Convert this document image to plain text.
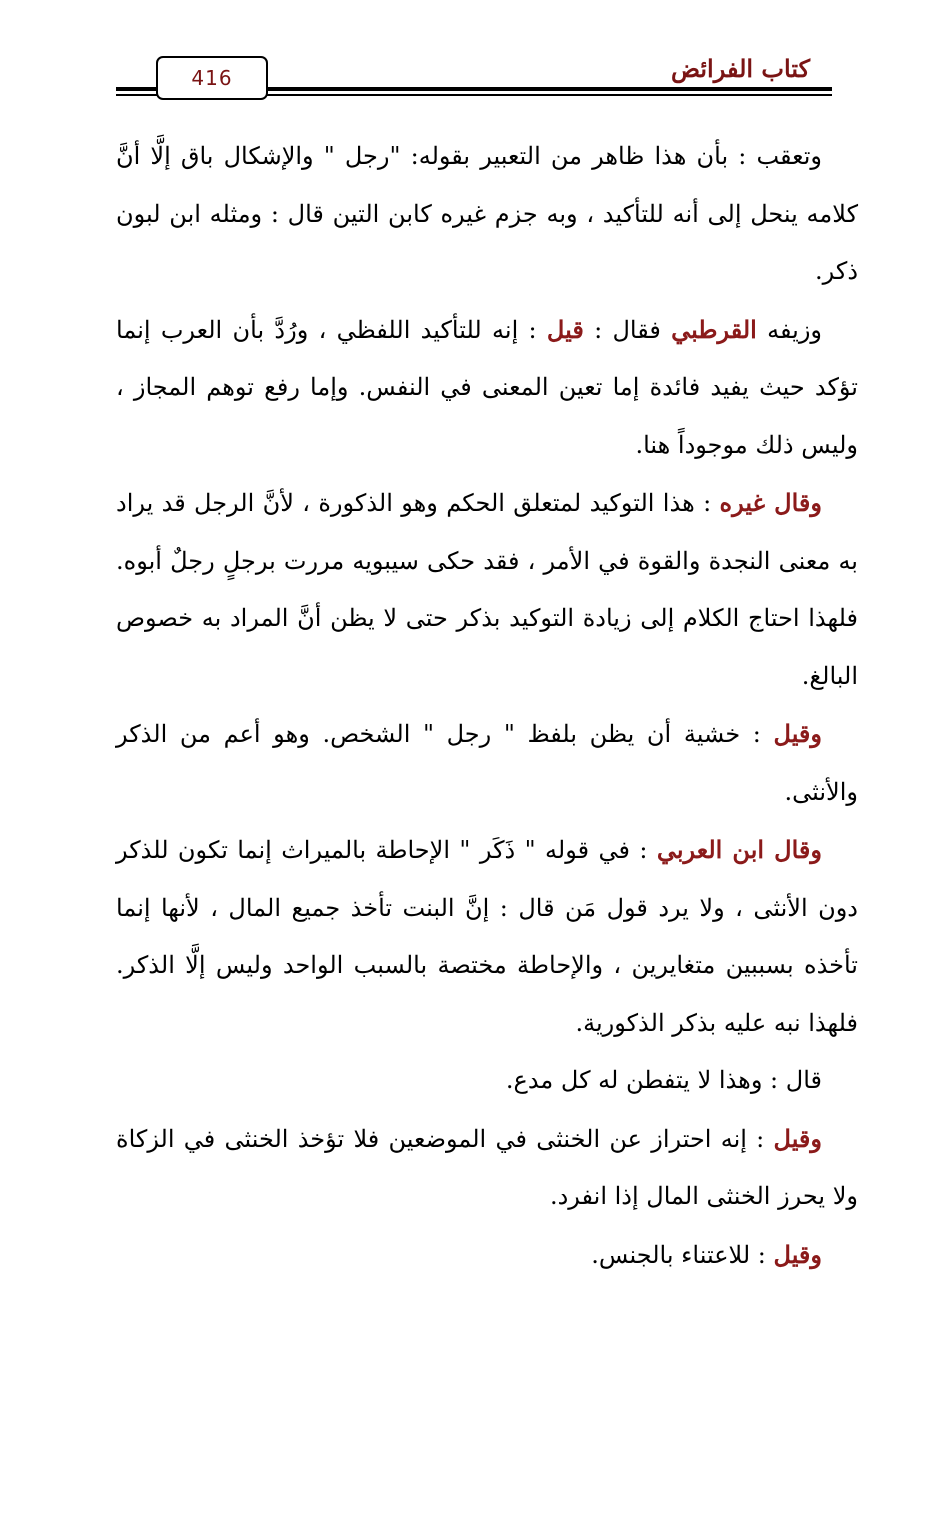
كتاب الفرائض
416

وتعقب : بأن هذا ظاهر من التعبير بقوله: "رجل " والإشكال باق إلَّا أنَّ كلامه ينحل إلى أنه للتأكيد ، وبه جزم غيره كابن التين قال : ومثله ابن لبون ذكر.

وزيفه القرطبي فقال : قيل : إنه للتأكيد اللفظي ، ورُدَّ بأن العرب إنما تؤكد حيث يفيد فائدة إما تعين المعنى في النفس. وإما رفع توهم المجاز ، وليس ذلك موجوداً هنا.

وقال غيره : هذا التوكيد لمتعلق الحكم وهو الذكورة ، لأنَّ الرجل قد يراد به معنى النجدة والقوة في الأمر ، فقد حكى سيبويه مررت برجلٍ رجلٌ أبوه. فلهذا احتاج الكلام إلى زيادة التوكيد بذكر حتى لا يظن أنَّ المراد به خصوص البالغ.

وقيل : خشية أن يظن بلفظ " رجل " الشخص. وهو أعم من الذكر والأنثى.

وقال ابن العربي : في قوله " ذَكَر " الإحاطة بالميراث إنما تكون للذكر دون الأنثى ، ولا يرد قول مَن قال : إنَّ البنت تأخذ جميع المال ، لأنها إنما تأخذه بسببين متغايرين ، والإحاطة مختصة بالسبب الواحد وليس إلَّا الذكر. فلهذا نبه عليه بذكر الذكورية.

قال : وهذا لا يتفطن له كل مدع.

وقيل : إنه احتراز عن الخنثى في الموضعين فلا تؤخذ الخنثى في الزكاة ولا يحرز الخنثى المال إذا انفرد.

وقيل : للاعتناء بالجنس.
